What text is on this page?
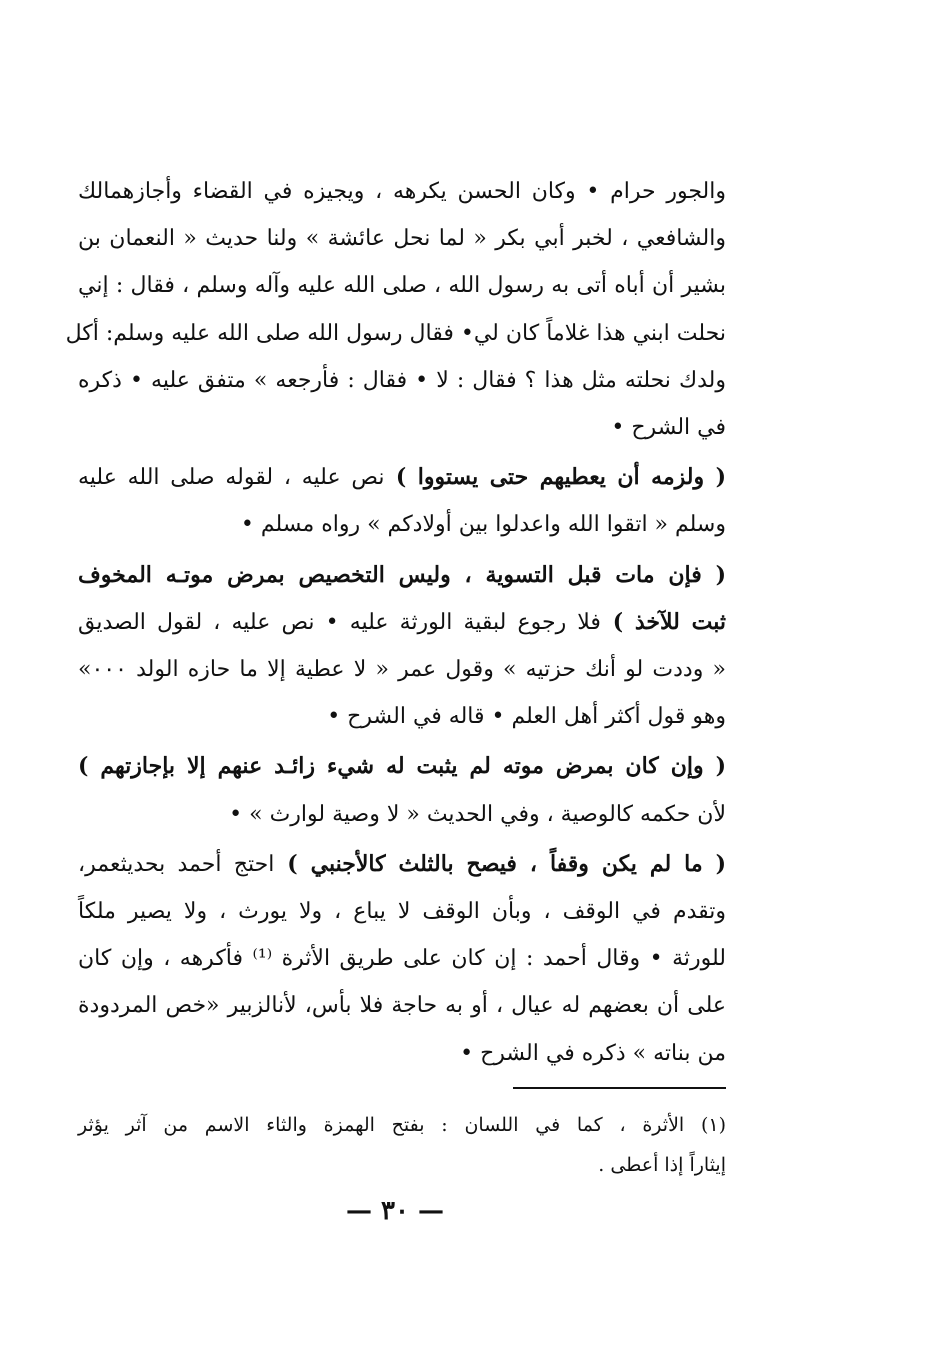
والجور حرام • وكان الحسن يكرهه ، ويجيزه في القضاء وأجازهمالك
والشافعي ، لخبر أبي بكر « لما نحل عائشة » ولنا حديث « النعمان بن
بشير أن أباه أتى به رسول الله ، صلى الله عليه وآله وسلم ، فقال : إني
نحلت ابني هذا غلاماً كان لي• فقال رسول الله صلى الله عليه وسلم: أكل
ولدك نحلته مثل هذا ؟ فقال : لا • فقال : فأرجعه » متفق عليه • ذكره
في الشرح •
( ولزمه أن يعطيهم حتى يستووا ) نص عليه ، لقوله صلى الله عليه
وسلم « اتقوا الله واعدلوا بين أولادكم » رواه مسلم •
( فإن مات قبل التسوية ، وليس التخصيص بمرض موتـه المخوف
ثبت للآخذ ) فلا رجوع لبقية الورثة عليه • نص عليه ، لقول الصديق
« وددت لو أنك حزتيه » وقول عمر « لا عطية إلا ما حازه الولد ٠٠٠»
وهو قول أكثر أهل العلم • قاله في الشرح •
( وإن كان بمرض موته لم يثبت له شيء زائـد عنهم إلا بإجازتهم )
لأن حكمه كالوصية ، وفي الحديث « لا وصية لوارث » •
( ما لم يكن وقفاً ، فيصح بالثلث كالأجنبي ) احتج أحمد بحديثعمر،
وتقدم في الوقف ، وبأن الوقف لا يباع ، ولا يورث ، ولا يصير ملكاً
للورثة • وقال أحمد : إن كان على طريق الأثرة ⁽¹⁾ فأكرهه ، وإن كان
على أن بعضهم له عيال ، أو به حاجة فلا بأس، لأنالزبير «خص المردودة
من بناته » ذكره في الشرح •
(١) الأثرة ، كما في اللسان : بفتح الهمزة والثاء الاسم من آثر يؤثر
إيثاراً إذا أعطى .
— ٣٠ —
